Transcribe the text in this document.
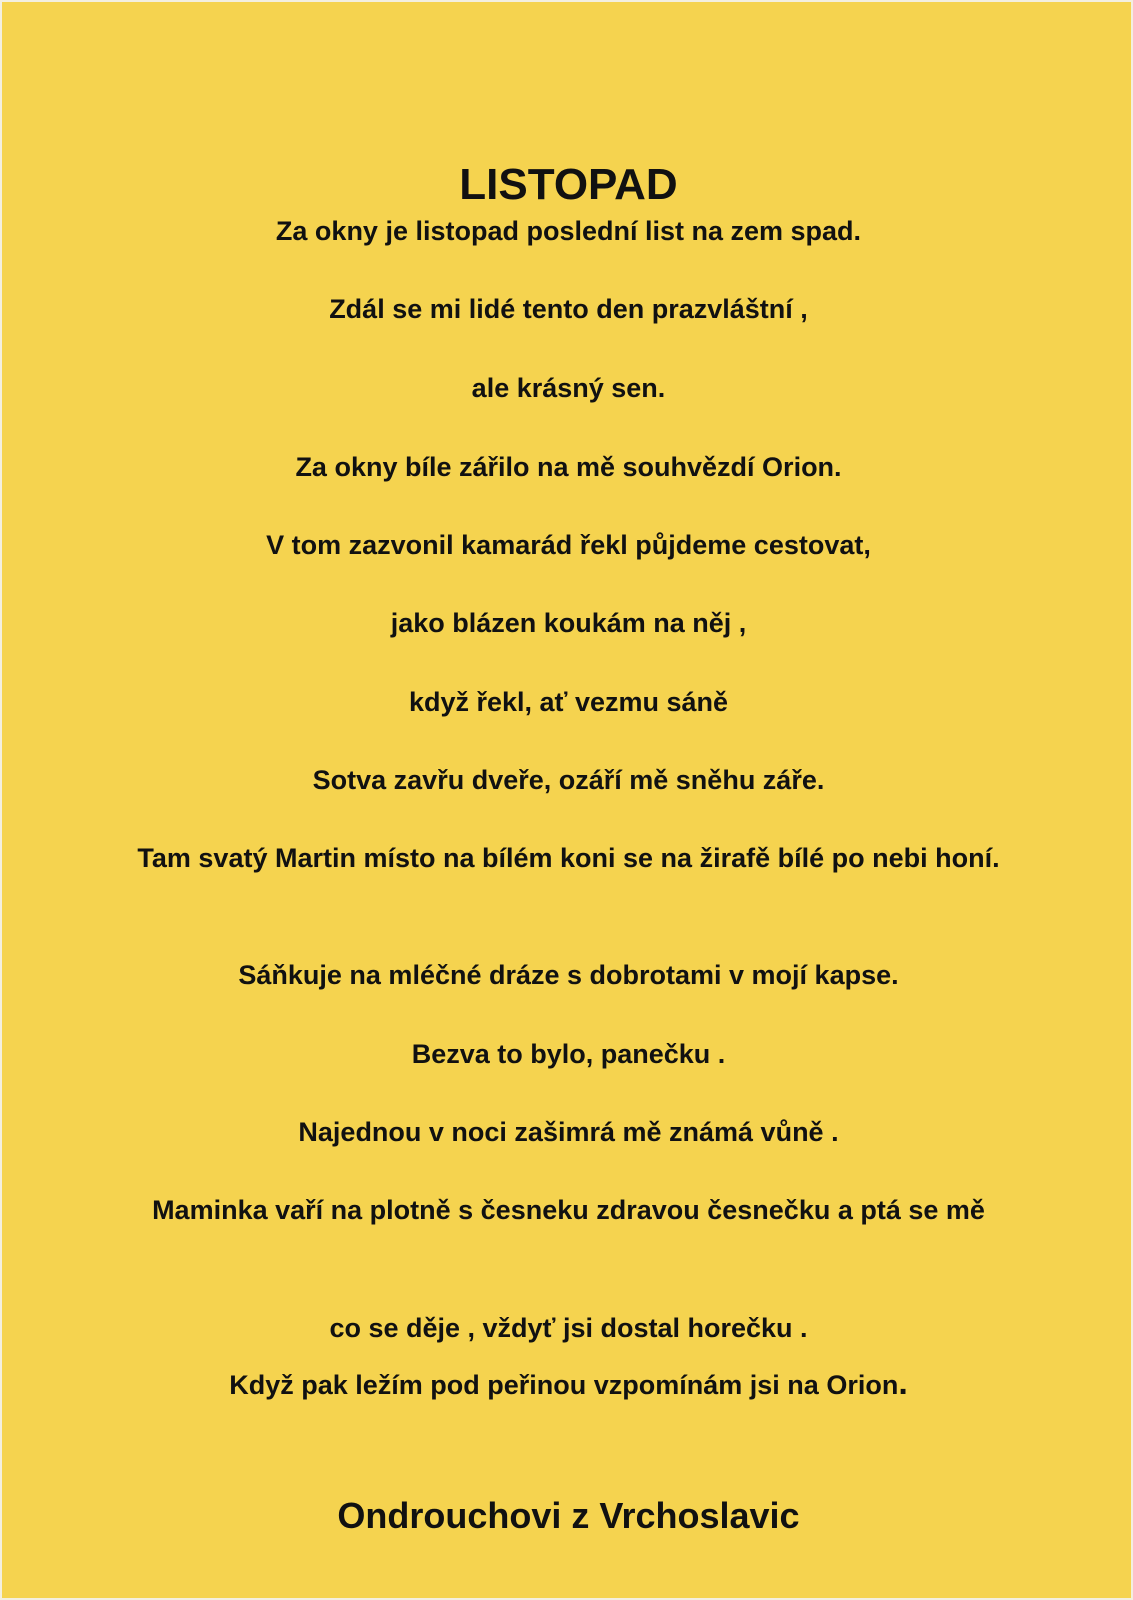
LISTOPAD

Za okny je listopad poslední list na zem spad.

Zdál se mi lidé tento den prazvláštní ,

ale krásný sen.

Za okny bíle zářilo na mě souhvězdí Orion.

V tom zazvonil kamarád řekl půjdeme cestovat,

jako blázen koukám na něj ,

když řekl, ať vezmu sáně

Sotva zavřu dveře, ozáří mě sněhu záře.

Tam svatý Martin místo na bílém koni se na žirafě bílé po nebi honí.

Sáňkuje na mléčné dráze s dobrotami v mojí kapse.

Bezva to bylo, panečku .

Najednou v noci zašimrá mě známá vůně .

Maminka vaří na plotně s česneku zdravou česnečku a ptá se mě

co se děje , vždyť jsi dostal horečku .

Když pak ležím pod peřinou vzpomínám jsi na Orion.

Ondrouchovi z Vrchoslavic
